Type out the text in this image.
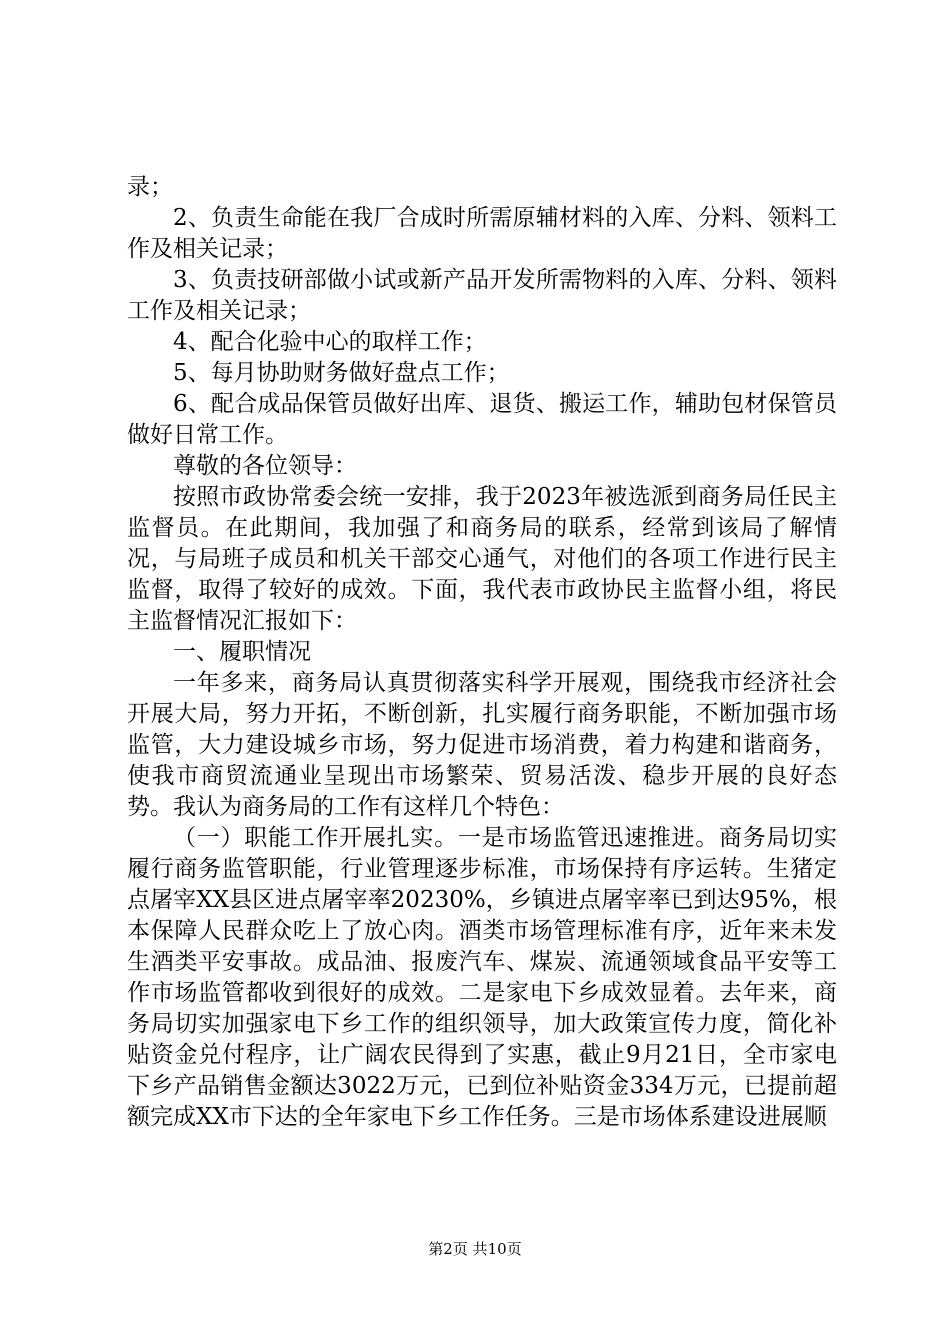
录；

2、负责生命能在我厂合成时所需原辅材料的入库、分料、领料工作及相关记录；

3、负责技研部做小试或新产品开发所需物料的入库、分料、领料工作及相关记录；

4、配合化验中心的取样工作；

5、每月协助财务做好盘点工作；

6、配合成品保管员做好出库、退货、搬运工作，辅助包材保管员做好日常工作。

尊敬的各位领导：

按照市政协常委会统一安排，我于2023年被选派到商务局任民主监督员。在此期间，我加强了和商务局的联系，经常到该局了解情况，与局班子成员和机关干部交心通气，对他们的各项工作进行民主监督，取得了较好的成效。下面，我代表市政协民主监督小组，将民主监督情况汇报如下：

一、履职情况

一年多来，商务局认真贯彻落实科学开展观，围绕我市经济社会开展大局，努力开拓，不断创新，扎实履行商务职能，不断加强市场监管，大力建设城乡市场，努力促进市场消费，着力构建和谐商务，使我市商贸流通业呈现出市场繁荣、贸易活泼、稳步开展的良好态势。我认为商务局的工作有这样几个特色：

（一）职能工作开展扎实。一是市场监管迅速推进。商务局切实履行商务监管职能，行业管理逐步标准，市场保持有序运转。生猪定点屠宰XX县区进点屠宰率20230%，乡镇进点屠宰率已到达95%，根本保障人民群众吃上了放心肉。酒类市场管理标准有序，近年来未发生酒类平安事故。成品油、报废汽车、煤炭、流通领域食品平安等工作市场监管都收到很好的成效。二是家电下乡成效显着。去年来，商务局切实加强家电下乡工作的组织领导，加大政策宣传力度，简化补贴资金兑付程序，让广阔农民得到了实惠，截止9月21日，全市家电下乡产品销售金额达3022万元，已到位补贴资金334万元，已提前超额完成XX市下达的全年家电下乡工作任务。三是市场体系建设进展顺

第2页 共10页
